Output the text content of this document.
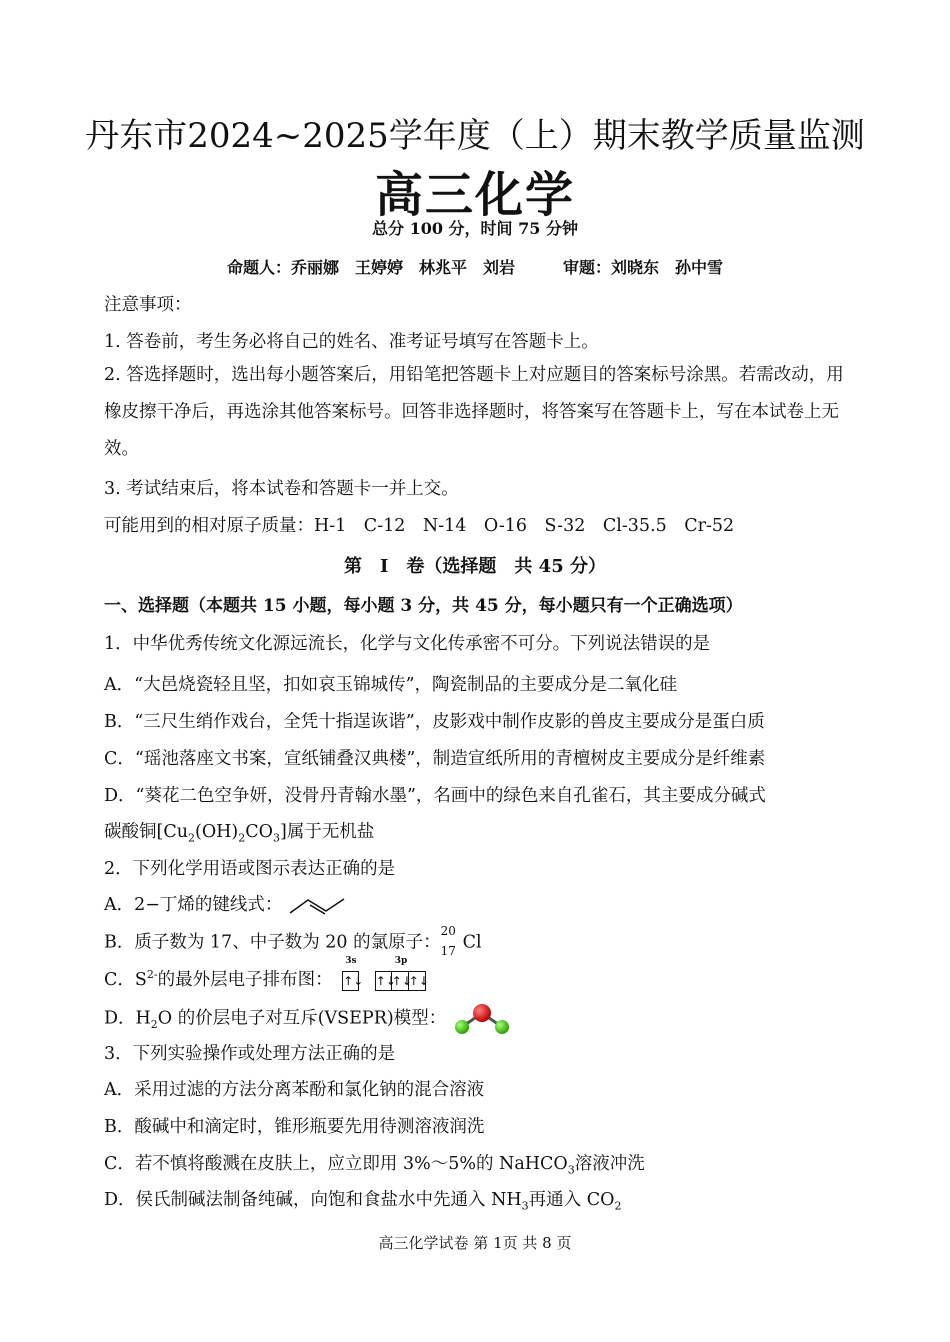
丹东市2024~2025学年度（上）期末教学质量监测
高三化学
总分 100 分，时间 75 分钟
命题人：乔丽娜　王婷婷　林兆平　刘岩　　　审题：刘晓东　孙中雪
注意事项：
1. 答卷前，考生务必将自己的姓名、准考证号填写在答题卡上。
2. 答选择题时，选出每小题答案后，用铅笔把答题卡上对应题目的答案标号涂黑。若需改动，用橡皮擦干净后，再选涂其他答案标号。回答非选择题时，将答案写在答题卡上，写在本试卷上无效。
3. 考试结束后，将本试卷和答题卡一并上交。
可能用到的相对原子质量：H-1　C-12　N-14　O-16　S-32　Cl-35.5　Cr-52
第　Ⅰ　卷（选择题　共 45 分）
一、选择题（本题共 15 小题，每小题 3 分，共 45 分，每小题只有一个正确选项）
1．中华优秀传统文化源远流长，化学与文化传承密不可分。下列说法错误的是
A．“大邑烧瓷轻且坚，扣如哀玉锦城传”，陶瓷制品的主要成分是二氧化硅
B．“三尺生绡作戏台，全凭十指逞诙谐”，皮影戏中制作皮影的兽皮主要成分是蛋白质
C．“瑶池落座文书案，宣纸铺叠汉典楼”，制造宣纸所用的青檀树皮主要成分是纤维素
D．“葵花二色空争妍，没骨丹青翰水墨”，名画中的绿色来自孔雀石，其主要成分碱式
碳酸铜$[Cu_2(OH)_2CO_3]$属于无机盐
2．下列化学用语或图示表达正确的是
A．2−丁烯的键线式：
B．质子数为 17、中子数为 20 的氯原子：
20
17 Cl
C．$S^{2-}$的最外层电子排布图：
3s
↑↓
3p
↑↓↑↓↑↓
D．$H_2O$ 的价层电子对互斥(VSEPR)模型：
3．下列实验操作或处理方法正确的是
A．采用过滤的方法分离苯酚和氯化钠的混合溶液
B．酸碱中和滴定时，锥形瓶要先用待测溶液润洗
C．若不慎将酸溅在皮肤上，应立即用 3%～5%的 NaHCO$_3$溶液冲洗
D．侯氏制碱法制备纯碱，向饱和食盐水中先通入 $NH_3$再通入 $CO_2$
高三化学试卷 第 1页 共 8 页
